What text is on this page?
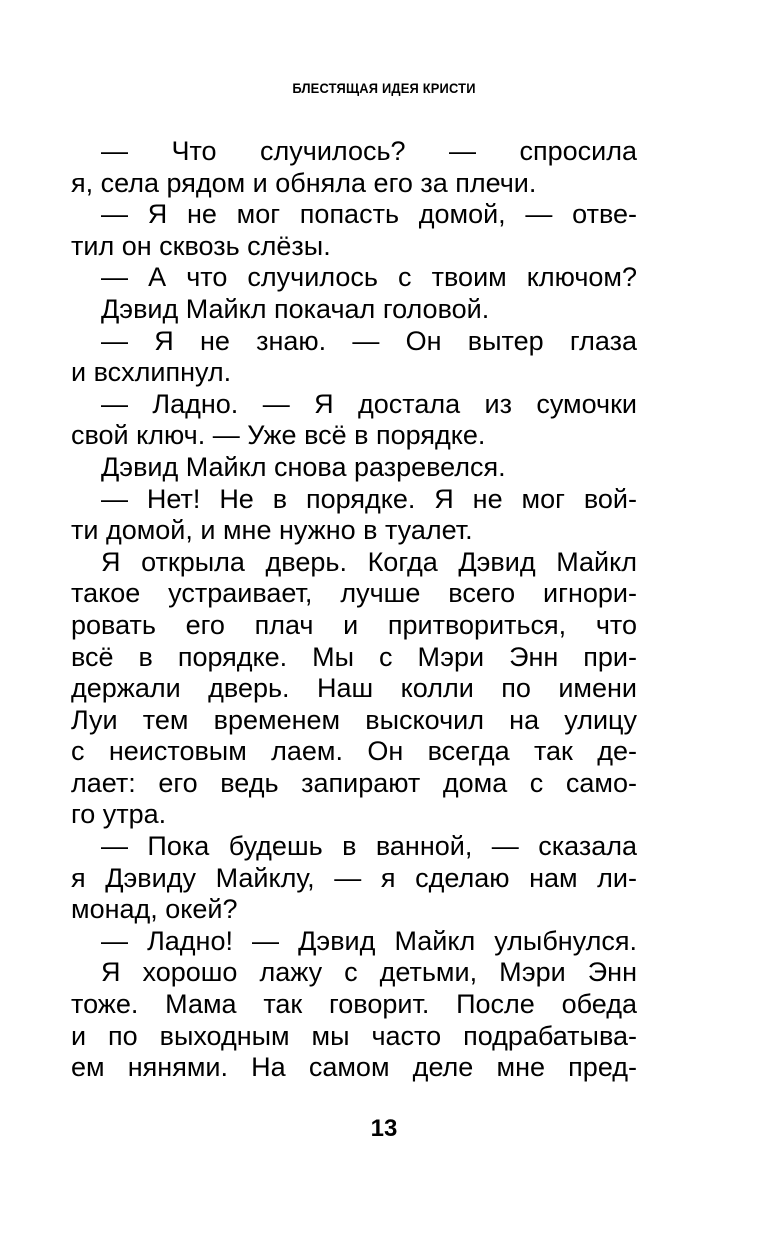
БЛЕСТЯЩАЯ ИДЕЯ КРИСТИ
— Что случилось? — спросила
я, села рядом и обняла его за плечи.
— Я не мог попасть домой, — отве-
тил он сквозь слёзы.
— А что случилось с твоим ключом?
Дэвид Майкл покачал головой.
— Я не знаю. — Он вытер глаза
и всхлипнул.
— Ладно. — Я достала из сумочки
свой ключ. — Уже всё в порядке.
Дэвид Майкл снова разревелся.
— Нет! Не в порядке. Я не мог вой-
ти домой, и мне нужно в туалет.
Я открыла дверь. Когда Дэвид Майкл
такое устраивает, лучше всего игнори-
ровать его плач и притвориться, что
всё в порядке. Мы с Мэри Энн при-
держали дверь. Наш колли по имени
Луи тем временем выскочил на улицу
с неистовым лаем. Он всегда так де-
лает: его ведь запирают дома с само-
го утра.
— Пока будешь в ванной, — сказала
я Дэвиду Майклу, — я сделаю нам ли-
монад, окей?
— Ладно! — Дэвид Майкл улыбнулся.
Я хорошо лажу с детьми, Мэри Энн
тоже. Мама так говорит. После обеда
и по выходным мы часто подрабатыва-
ем нянями. На самом деле мне пред-
13
